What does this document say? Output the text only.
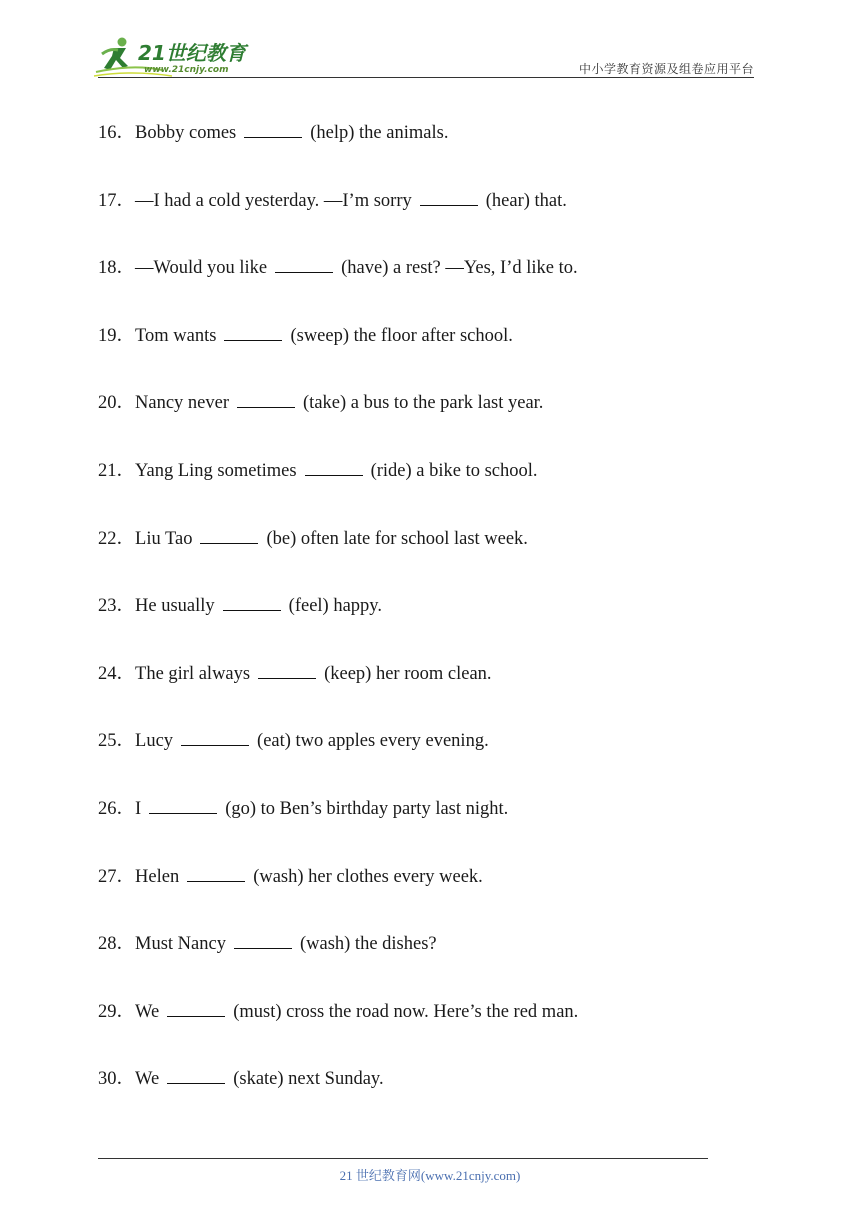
21世纪教育
www.21cnjy.com	中小学教育资源及组卷应用平台
16．Bobby comes	(help) the animals.
17．—I had a cold yesterday. —I’m sorry	(hear) that.
18．—Would you like	(have) a rest? —Yes, I’d like to.
19．Tom wants	(sweep) the floor after school.
20．Nancy never	(take) a bus to the park last year.
21．Yang Ling sometimes	(ride) a bike to school.
22．Liu Tao	(be) often late for school last week.
23．He usually	(feel) happy.
24．The girl always	(keep) her room clean.
25．Lucy	(eat) two apples every evening.
26．I	(go) to Ben’s birthday party last night.
27．Helen	(wash) her clothes every week.
28．Must Nancy	(wash) the dishes?
29．We	(must) cross the road now. Here’s the red man.
30．We	(skate) next Sunday.
21 世纪教育网(www.21cnjy.com)
